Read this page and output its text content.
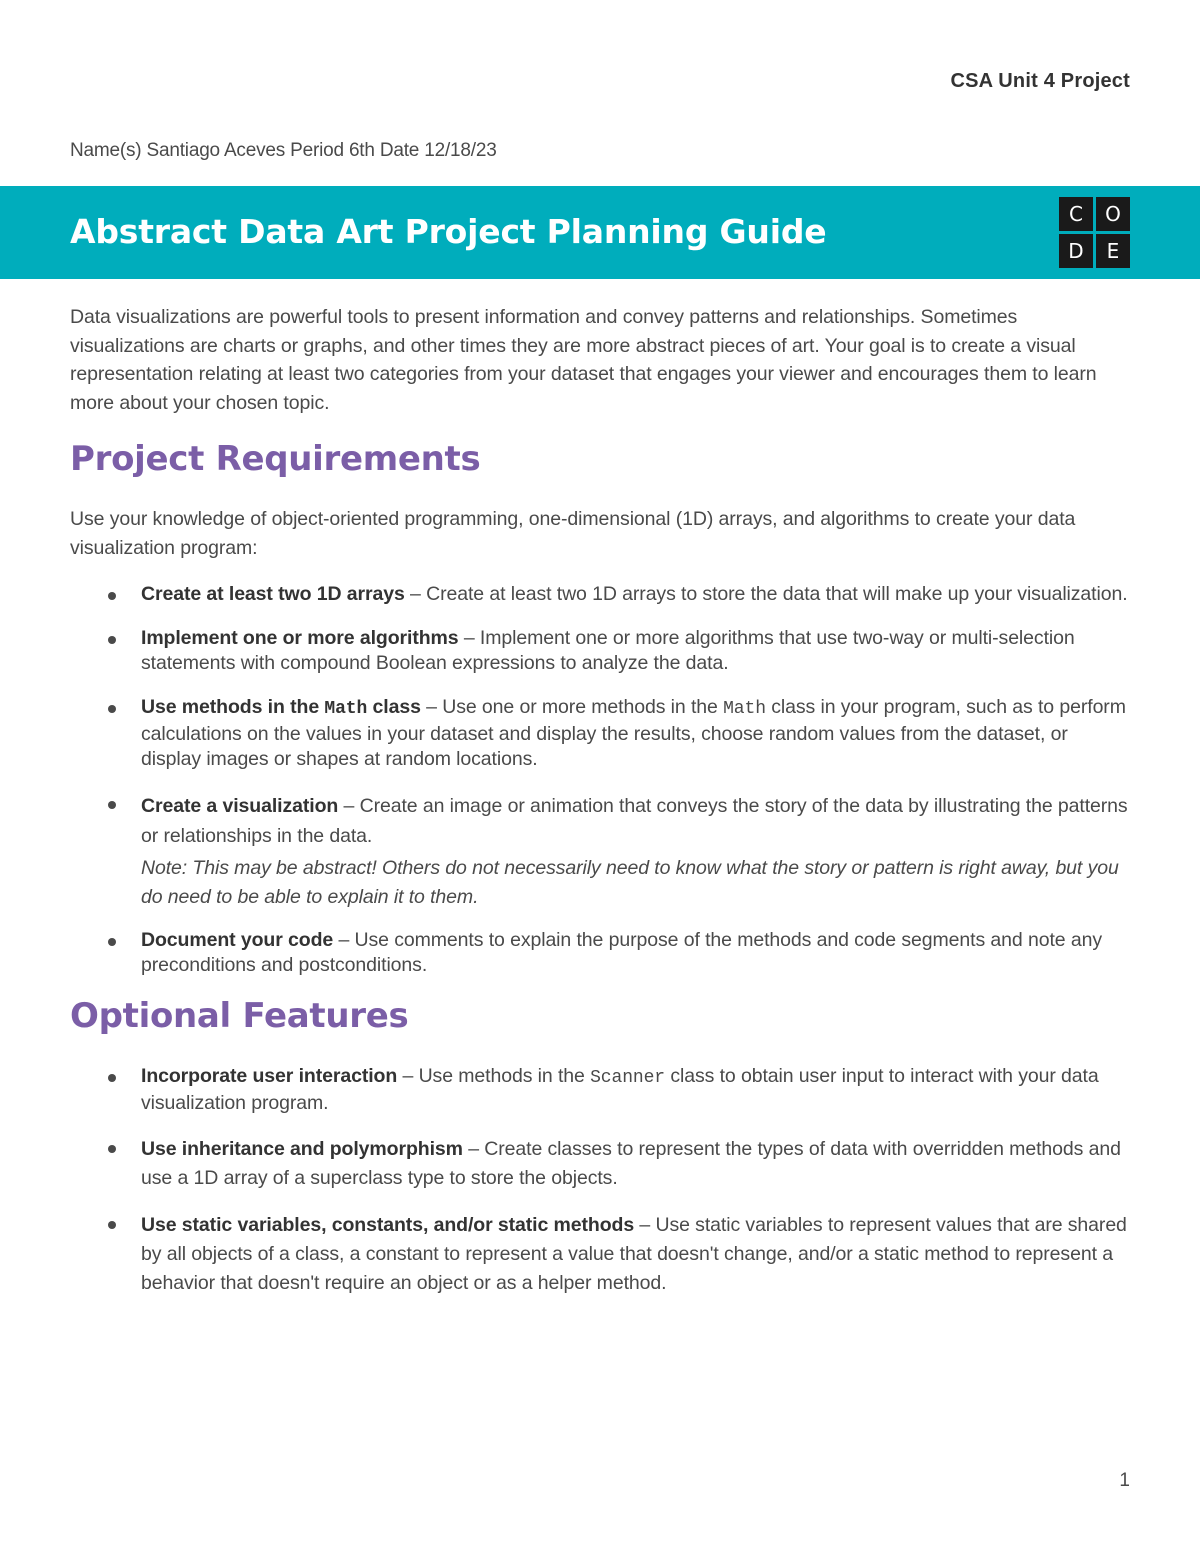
CSA Unit 4 Project
Name(s) Santiago Aceves Period 6th Date 12/18/23
Abstract Data Art Project Planning Guide	C	O
D	E

Data visualizations are powerful tools to present information and convey patterns and relationships. Sometimes visualizations are charts or graphs, and other times they are more abstract pieces of art. Your goal is to create a visual representation relating at least two categories from your dataset that engages your viewer and encourages them to learn more about your chosen topic.

Project Requirements

Use your knowledge of object-oriented programming, one-dimensional (1D) arrays, and algorithms to create your data visualization program:

Create at least two 1D arrays – Create at least two 1D arrays to store the data that will make up your visualization.
Implement one or more algorithms – Implement one or more algorithms that use two-way or multi-selection statements with compound Boolean expressions to analyze the data.
Use methods in the Math class – Use one or more methods in the Math class in your program, such as to perform calculations on the values in your dataset and display the results, choose random values from the dataset, or display images or shapes at random locations.
Create a visualization – Create an image or animation that conveys the story of the data by illustrating the patterns or relationships in the data.
Note: This may be abstract! Others do not necessarily need to know what the story or pattern is right away, but you do need to be able to explain it to them.
Document your code – Use comments to explain the purpose of the methods and code segments and note any preconditions and postconditions.
Optional Features
Incorporate user interaction – Use methods in the Scanner class to obtain user input to interact with your data visualization program.
Use inheritance and polymorphism – Create classes to represent the types of data with overridden methods and use a 1D array of a superclass type to store the objects.
Use static variables, constants, and/or static methods – Use static variables to represent values that are shared by all objects of a class, a constant to represent a value that doesn't change, and/or a static method to represent a behavior that doesn't require an object or as a helper method.
1
